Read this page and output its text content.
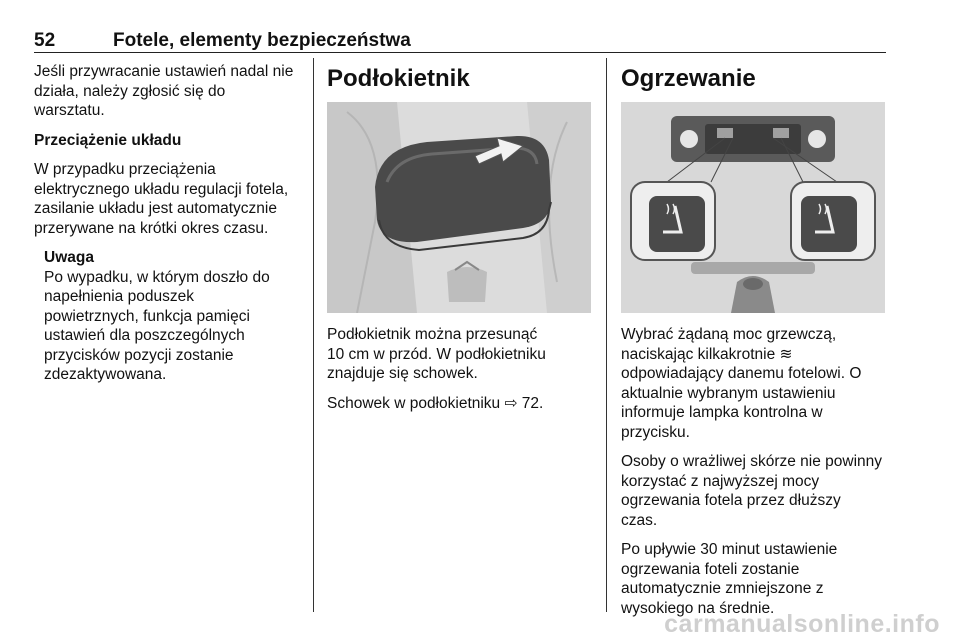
52	Fotele, elementy bezpieczeństwa

Jeśli przywracanie ustawień nadal nie
działa, należy zgłosić się do
warsztatu.

Przeciążenie układu

W przypadku przeciążenia
elektrycznego układu regulacji fotela,
zasilanie układu jest automatycznie
przerywane na krótki okres czasu.

Uwaga
Po wypadku, w którym doszło do
napełnienia poduszek
powietrznych, funkcja pamięci
ustawień dla poszczególnych
przycisków pozycji zostanie
zdezaktywowana.
Podłokietnik

Podłokietnik można przesunąć
10 cm w przód. W podłokietniku
znajduje się schowek.

Schowek w podłokietniku ⇨ 72.

Ogrzewanie

Wybrać żądaną moc grzewczą,
naciskając kilkakrotnie ≋
odpowiadający danemu fotelowi. O
aktualnie wybranym ustawieniu
informuje lampka kontrolna w
przycisku.

Osoby o wrażliwej skórze nie powinny
korzystać z najwyższej mocy
ogrzewania fotela przez dłuższy
czas.

Po upływie 30 minut ustawienie
ogrzewania foteli zostanie
automatycznie zmniejszone z
wysokiego na średnie.

carmanualsonline.info
